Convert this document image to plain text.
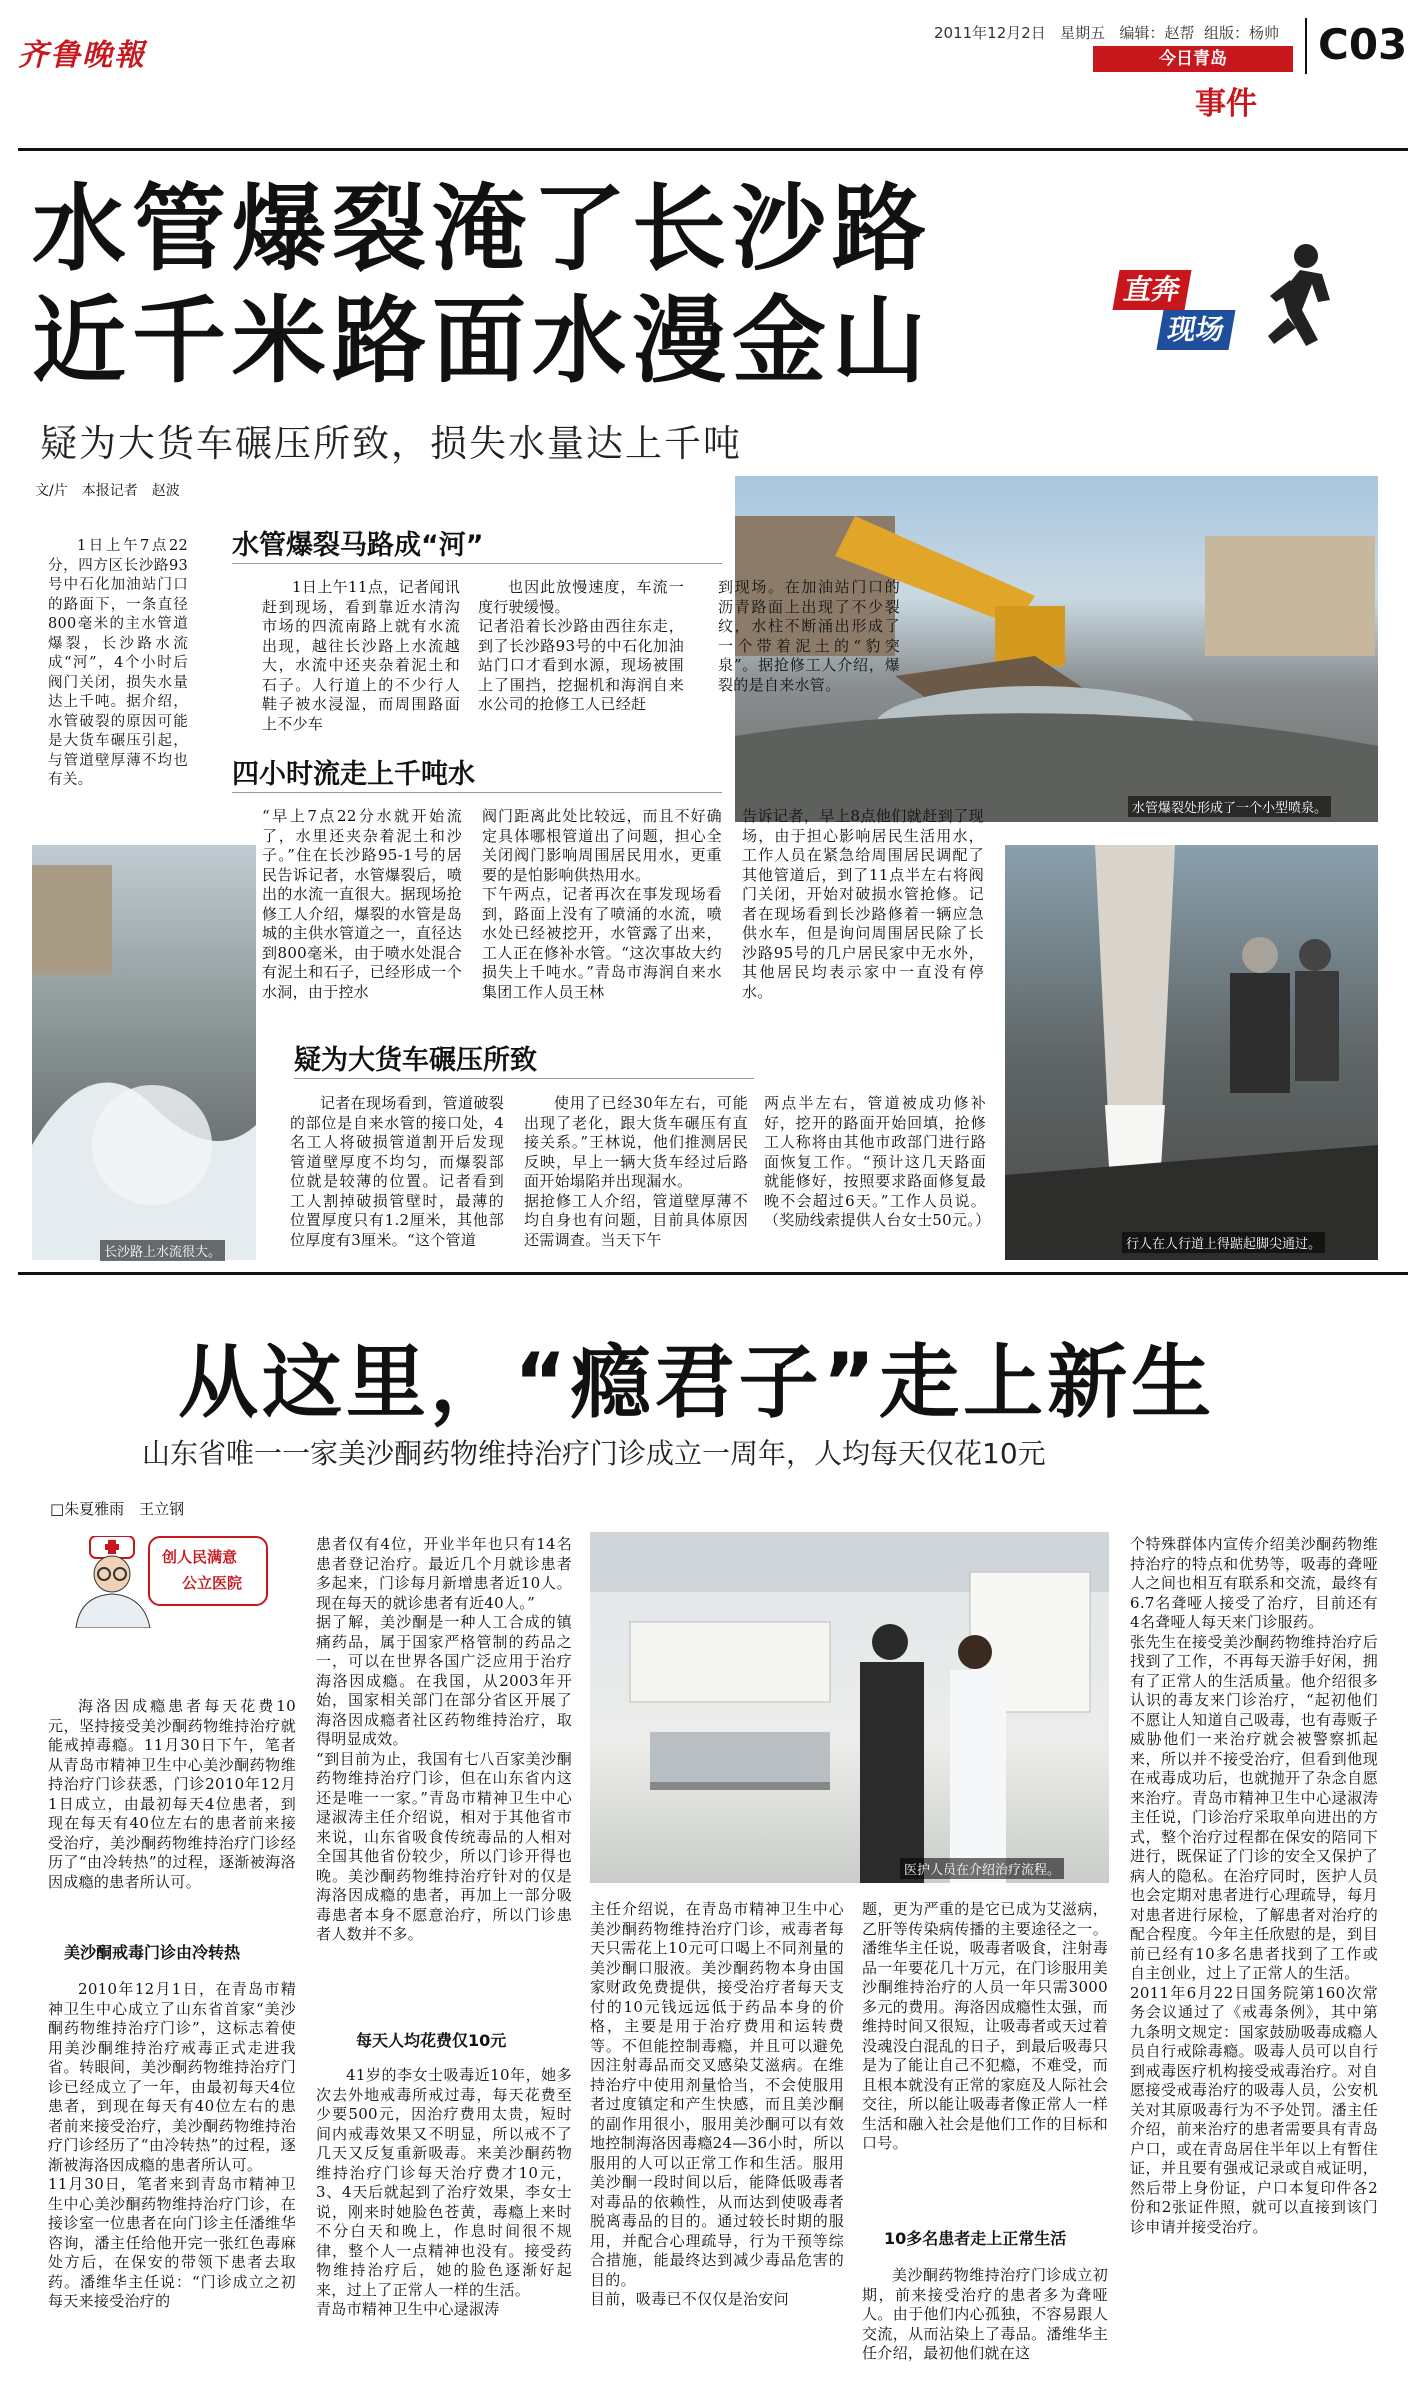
齐鲁晚報
2011年12月2日 星期五 编辑：赵帮 组版：杨帅
今日青岛
事件
C03
水管爆裂淹了长沙路
近千米路面水漫金山	直奔
现场
疑为大货车碾压所致，损失水量达上千吨
文/片　本报记者　赵波
1日上午7点22分，四方区长沙路93号中石化加油站门口的路面下，一条直径800毫米的主水管道爆裂，长沙路水流成“河”，4个小时后阀门关闭，损失水量达上千吨。据介绍，水管破裂的原因可能是大货车碾压引起，与管道壁厚薄不均也有关。
水管爆裂处形成了一个小型喷泉。
长沙路上水流很大。
行人在人行道上得踮起脚尖通过。
水管爆裂马路成“河”
1日上午11点，记者闻讯赶到现场，看到靠近水清沟市场的四流南路上就有水流出现，越往长沙路上水流越大，水流中还夹杂着泥土和石子。人行道上的不少行人鞋子被水浸湿，而周围路面上不少车
也因此放慢速度，车流一度行驶缓慢。
记者沿着长沙路由西往东走，到了长沙路93号的中石化加油站门口才看到水源，现场被围上了围挡，挖掘机和海润自来水公司的抢修工人已经赶
到现场。在加油站门口的沥青路面上出现了不少裂纹，水柱不断涌出形成了一个带着泥土的“豹突泉”。据抢修工人介绍，爆裂的是自来水管。
四小时流走上千吨水
“早上7点22分水就开始流了，水里还夹杂着泥土和沙子。”住在长沙路95-1号的居民告诉记者，水管爆裂后，喷出的水流一直很大。据现场抢修工人介绍，爆裂的水管是岛城的主供水管道之一，直径达到800毫米，由于喷水处混合有泥土和石子，已经形成一个水洞，由于控水
阀门距离此处比较远，而且不好确定具体哪根管道出了问题，担心全关闭阀门影响周围居民用水，更重要的是怕影响供热用水。
下午两点，记者再次在事发现场看到，路面上没有了喷涌的水流，喷水处已经被挖开，水管露了出来，工人正在修补水管。“这次事故大约损失上千吨水。”青岛市海润自来水集团工作人员王林
告诉记者，早上8点他们就赶到了现场，由于担心影响居民生活用水，工作人员在紧急给周围居民调配了其他管道后，到了11点半左右将阀门关闭，开始对破损水管抢修。记者在现场看到长沙路修着一辆应急供水车，但是询问周围居民除了长沙路95号的几户居民家中无水外，其他居民均表示家中一直没有停水。
疑为大货车碾压所致
记者在现场看到，管道破裂的部位是自来水管的接口处，4名工人将破损管道割开后发现管道壁厚度不均匀，而爆裂部位就是较薄的位置。记者看到工人割掉破损管壁时，最薄的位置厚度只有1.2厘米，其他部位厚度有3厘米。“这个管道
使用了已经30年左右，可能出现了老化，跟大货车碾压有直接关系。”王林说，他们推测居民反映，早上一辆大货车经过后路面开始塌陷并出现漏水。
据抢修工人介绍，管道壁厚薄不均自身也有问题，目前具体原因还需调查。当天下午
两点半左右，管道被成功修补好，挖开的路面开始回填，抢修工人称将由其他市政部门进行路面恢复工作。“预计这几天路面就能修好，按照要求路面修复最晚不会超过6天。”工作人员说。（奖励线索提供人台女士50元。）
从这里，“瘾君子”走上新生
山东省唯一一家美沙酮药物维持治疗门诊成立一周年，人均每天仅花10元
□朱夏雅雨　王立钢
创人民满意
公立医院
海洛因成瘾患者每天花费10元，坚持接受美沙酮药物维持治疗就能戒掉毒瘾。11月30日下午，笔者从青岛市精神卫生中心美沙酮药物维持治疗门诊获悉，门诊2010年12月1日成立，由最初每天4位患者，到现在每天有40位左右的患者前来接受治疗，美沙酮药物维持治疗门诊经历了“由冷转热”的过程，逐渐被海洛因成瘾的患者所认可。
美沙酮戒毒门诊由冷转热
2010年12月1日，在青岛市精神卫生中心成立了山东省首家“美沙酮药物维持治疗门诊”，这标志着使用美沙酮维持治疗戒毒正式走进我省。转眼间，美沙酮药物维持治疗门诊已经成立了一年，由最初每天4位患者，到现在每天有40位左右的患者前来接受治疗，美沙酮药物维持治疗门诊经历了“由冷转热”的过程，逐渐被海洛因成瘾的患者所认可。
11月30日，笔者来到青岛市精神卫生中心美沙酮药物维持治疗门诊，在接诊室一位患者在向门诊主任潘维华咨询，潘主任给他开完一张红色毒麻处方后，在保安的带领下患者去取药。潘维华主任说：“门诊成立之初每天来接受治疗的
患者仅有4位，开业半年也只有14名患者登记治疗。最近几个月就诊患者多起来，门诊每月新增患者近10人。现在每天的就诊患者有近40人。”
据了解，美沙酮是一种人工合成的镇痛药品，属于国家严格管制的药品之一，可以在世界各国广泛应用于治疗海洛因成瘾。在我国，从2003年开始，国家相关部门在部分省区开展了海洛因成瘾者社区药物维持治疗，取得明显成效。
“到目前为止，我国有七八百家美沙酮药物维持治疗门诊，但在山东省内这还是唯一一家。”青岛市精神卫生中心逯淑涛主任介绍说，相对于其他省市来说，山东省吸食传统毒品的人相对全国其他省份较少，所以门诊开得也晚。美沙酮药物维持治疗针对的仅是海洛因成瘾的患者，再加上一部分吸毒患者本身不愿意治疗，所以门诊患者人数并不多。
每天人均花费仅10元
41岁的李女士吸毒近10年，她多次去外地戒毒所戒过毒，每天花费至少要500元，因治疗费用太贵，短时间内戒毒效果又不明显，所以戒不了几天又反复重新吸毒。来美沙酮药物维持治疗门诊每天治疗费才10元，3、4天后就起到了治疗效果，李女士说，刚来时她脸色苍黄，毒瘾上来时不分白天和晚上，作息时间很不规律，整个人一点精神也没有。接受药物维持治疗后，她的脸色逐渐好起来，过上了正常人一样的生活。
青岛市精神卫生中心逯淑涛
医护人员在介绍治疗流程。
主任介绍说，在青岛市精神卫生中心美沙酮药物维持治疗门诊，戒毒者每天只需花上10元可口喝上不同剂量的美沙酮口服液。美沙酮药物本身由国家财政免费提供，接受治疗者每天支付的10元钱远远低于药品本身的价格，主要是用于治疗费用和运转费等。不但能控制毒瘾，并且可以避免因注射毒品而交叉感染艾滋病。在维持治疗中使用剂量恰当，不会使服用者过度镇定和产生快感，而且美沙酮的副作用很小，服用美沙酮可以有效地控制海洛因毒瘾24—36小时，所以服用的人可以正常工作和生活。服用美沙酮一段时间以后，能降低吸毒者对毒品的依赖性，从而达到使吸毒者脱离毒品的目的。通过较长时期的服用，并配合心理疏导，行为干预等综合措施，能最终达到减少毒品危害的目的。
目前，吸毒已不仅仅是治安问
题，更为严重的是它已成为艾滋病，乙肝等传染病传播的主要途径之一。潘维华主任说，吸毒者吸食，注射毒品一年要花几十万元，在门诊服用美沙酮维持治疗的人员一年只需3000多元的费用。海洛因成瘾性太强，而维持时间又很短，让吸毒者或天过着没魂没白混乱的日子，到最后吸毒只是为了能让自己不犯瘾，不难受，而且根本就没有正常的家庭及人际社会交往，所以能让吸毒者像正常人一样生活和融入社会是他们工作的目标和口号。
10多名患者走上正常生活
美沙酮药物维持治疗门诊成立初期，前来接受治疗的患者多为聋哑人。由于他们内心孤独，不容易跟人交流，从而沾染上了毒品。潘维华主任介绍，最初他们就在这
个特殊群体内宣传介绍美沙酮药物维持治疗的特点和优势等，吸毒的聋哑人之间也相互有联系和交流，最终有6.7名聋哑人接受了治疗，目前还有4名聋哑人每天来门诊服药。
张先生在接受美沙酮药物维持治疗后找到了工作，不再每天游手好闲，拥有了正常人的生活质量。他介绍很多认识的毒友来门诊治疗，“起初他们不愿让人知道自己吸毒，也有毒贩子威胁他们一来治疗就会被警察抓起来，所以并不接受治疗，但看到他现在戒毒成功后，也就抛开了杂念自愿来治疗。青岛市精神卫生中心逯淑涛主任说，门诊治疗采取单向进出的方式，整个治疗过程都在保安的陪同下进行，既保证了门诊的安全又保护了病人的隐私。在治疗同时，医护人员也会定期对患者进行心理疏导，每月对患者进行尿检，了解患者对治疗的配合程度。今年主任欣慰的是，到目前已经有10多名患者找到了工作或自主创业，过上了正常人的生活。
2011年6月22日国务院第160次常务会议通过了《戒毒条例》，其中第九条明文规定：国家鼓励吸毒成瘾人员自行戒除毒瘾。吸毒人员可以自行到戒毒医疗机构接受戒毒治疗。对自愿接受戒毒治疗的吸毒人员，公安机关对其原吸毒行为不予处罚。潘主任介绍，前来治疗的患者需要具有青岛户口，或在青岛居住半年以上有暂住证，并且要有强戒记录或自戒证明，然后带上身份证，户口本复印件各2份和2张证件照，就可以直接到该门诊申请并接受治疗。
